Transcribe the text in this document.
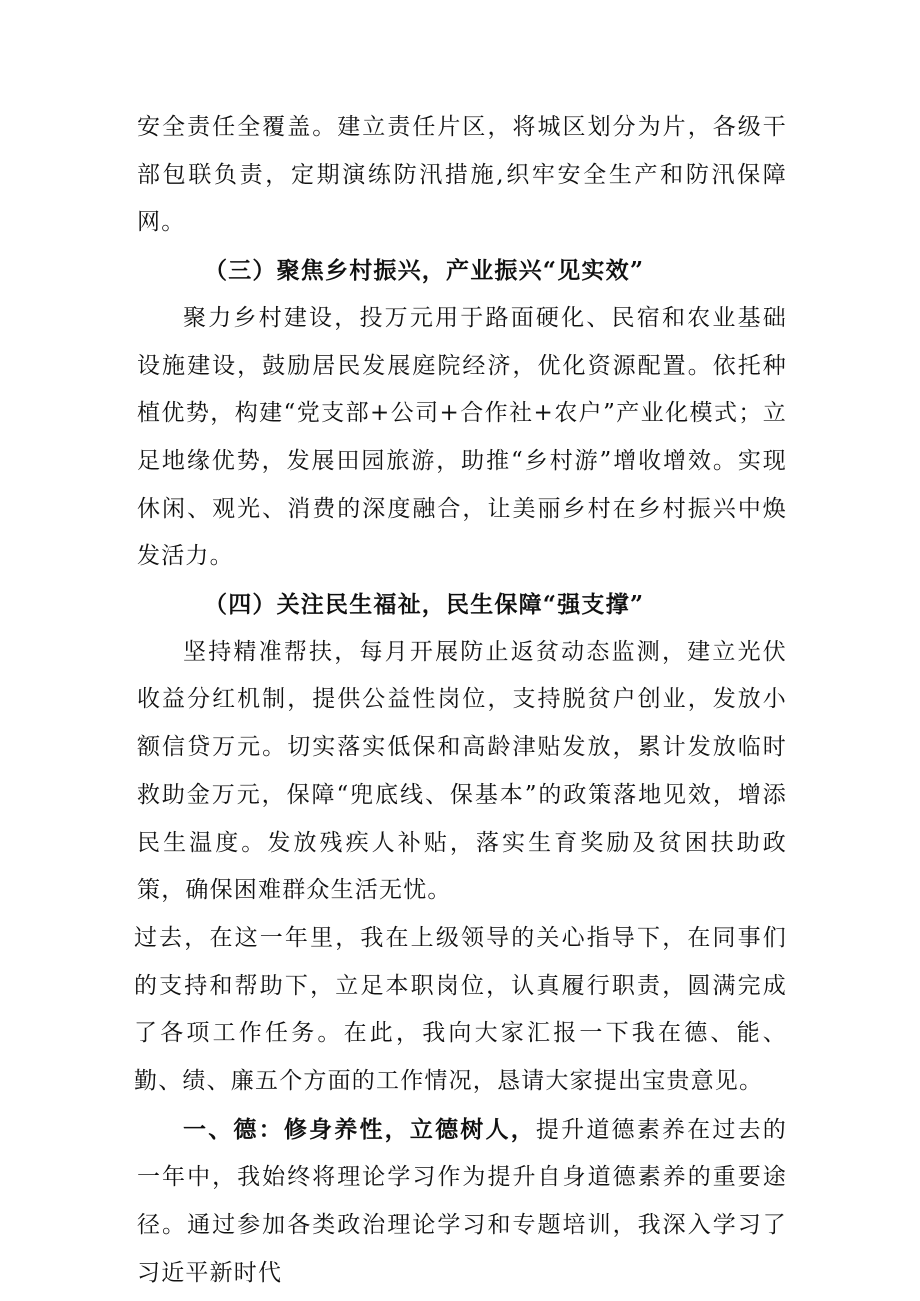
安全责任全覆盖。建立责任片区，将城区划分为片，各级干部包联负责，定期演练防汛措施,织牢安全生产和防汛保障网。

（三）聚焦乡村振兴，产业振兴“见实效”

聚力乡村建设，投万元用于路面硬化、民宿和农业基础设施建设，鼓励居民发展庭院经济，优化资源配置。依托种植优势，构建“党支部+公司+合作社+农户”产业化模式；立足地缘优势，发展田园旅游，助推“乡村游”增收增效。实现休闲、观光、消费的深度融合，让美丽乡村在乡村振兴中焕发活力。

（四）关注民生福祉，民生保障“强支撑”

坚持精准帮扶，每月开展防止返贫动态监测，建立光伏收益分红机制，提供公益性岗位，支持脱贫户创业，发放小额信贷万元。切实落实低保和高龄津贴发放，累计发放临时救助金万元，保障“兜底线、保基本”的政策落地见效，增添民生温度。发放残疾人补贴，落实生育奖励及贫困扶助政策，确保困难群众生活无忧。

过去，在这一年里，我在上级领导的关心指导下，在同事们的支持和帮助下，立足本职岗位，认真履行职责，圆满完成了各项工作任务。在此，我向大家汇报一下我在德、能、勤、绩、廉五个方面的工作情况，恳请大家提出宝贵意见。

一、德：修身养性，立德树人，提升道德素养在过去的一年中，我始终将理论学习作为提升自身道德素养的重要途径。通过参加各类政治理论学习和专题培训，我深入学习了习近平新时代
